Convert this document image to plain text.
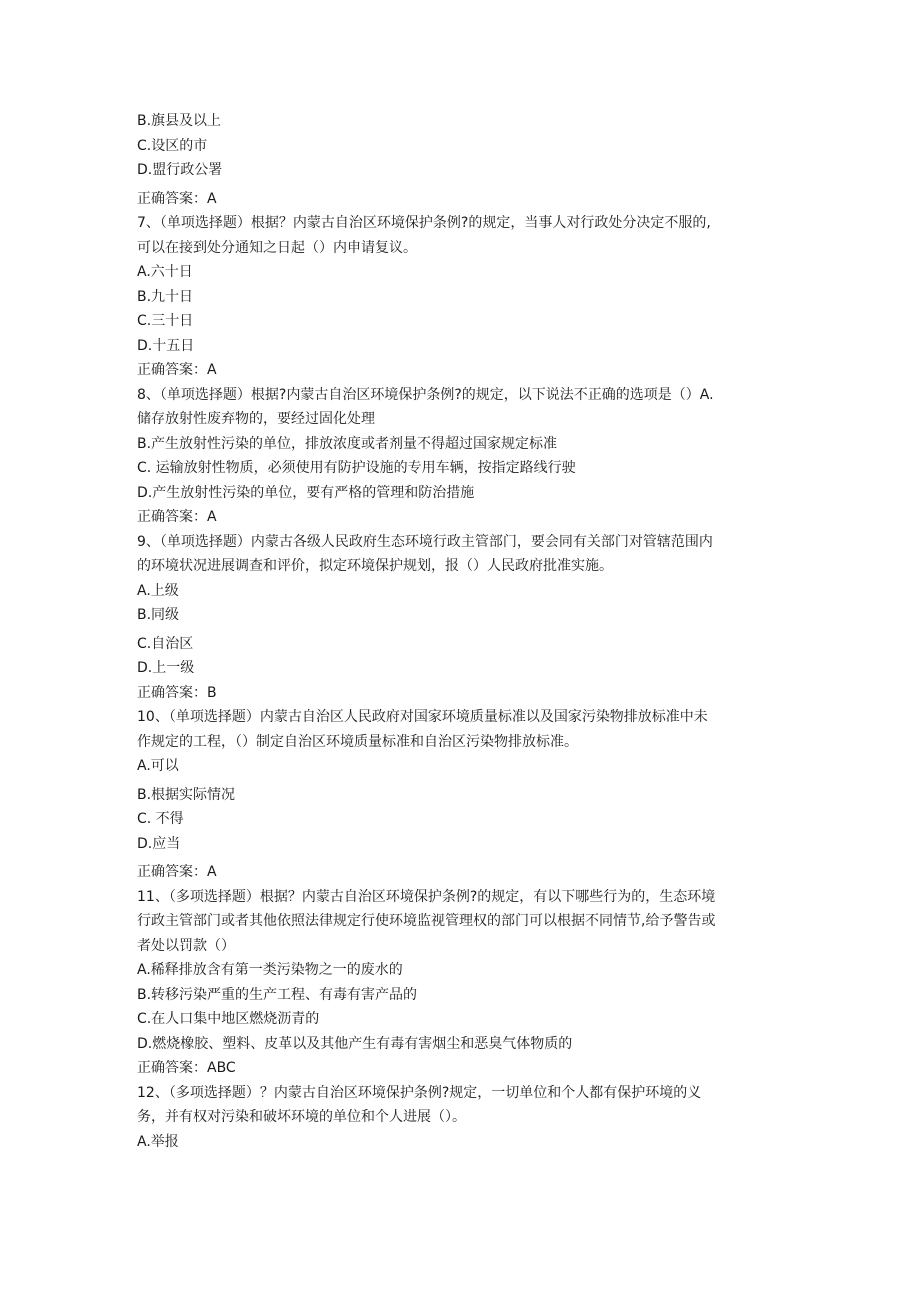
B.旗县及以上
C.设区的市
D.盟行政公署
正确答案：A
7、（单项选择题）根据？内蒙古自治区环境保护条例?的规定，当事人对行政处分决定不服的,
可以在接到处分通知之日起（）内申请复议。
A.六十日
B.九十日
C.三十日
D.十五日
正确答案：A
8、（单项选择题）根据?内蒙古自治区环境保护条例?的规定，以下说法不正确的选项是（）A.
储存放射性废弃物的，要经过固化处理
B.产生放射性污染的单位，排放浓度或者剂量不得超过国家规定标准
C. 运输放射性物质，必须使用有防护设施的专用车辆，按指定路线行驶
D.产生放射性污染的单位，要有严格的管理和防治措施
正确答案：A
9、（单项选择题）内蒙古各级人民政府生态环境行政主管部门，要会同有关部门对管辖范围内
的环境状况进展调查和评价，拟定环境保护规划，报（）人民政府批准实施。
A.上级
B.同级
C.自治区
D.上一级
正确答案：B
10、（单项选择题）内蒙古自治区人民政府对国家环境质量标准以及国家污染物排放标准中未
作规定的工程，（）制定自治区环境质量标准和自治区污染物排放标准。
A.可以
B.根据实际情况
C. 不得
D.应当
正确答案：A
11、（多项选择题）根据？内蒙古自治区环境保护条例?的规定，有以下哪些行为的，生态环境
行政主管部门或者其他依照法律规定行使环境监视管理权的部门可以根据不同情节,给予警告或
者处以罚款（）
A.稀释排放含有第一类污染物之一的废水的
B.转移污染严重的生产工程、有毒有害产品的
C.在人口集中地区燃烧沥青的
D.燃烧橡胶、塑料、皮革以及其他产生有毒有害烟尘和恶臭气体物质的
正确答案：ABC
12、（多项选择题）？内蒙古自治区环境保护条例?规定，一切单位和个人都有保护环境的义
务，并有权对污染和破坏环境的单位和个人进展（）。
A.举报
